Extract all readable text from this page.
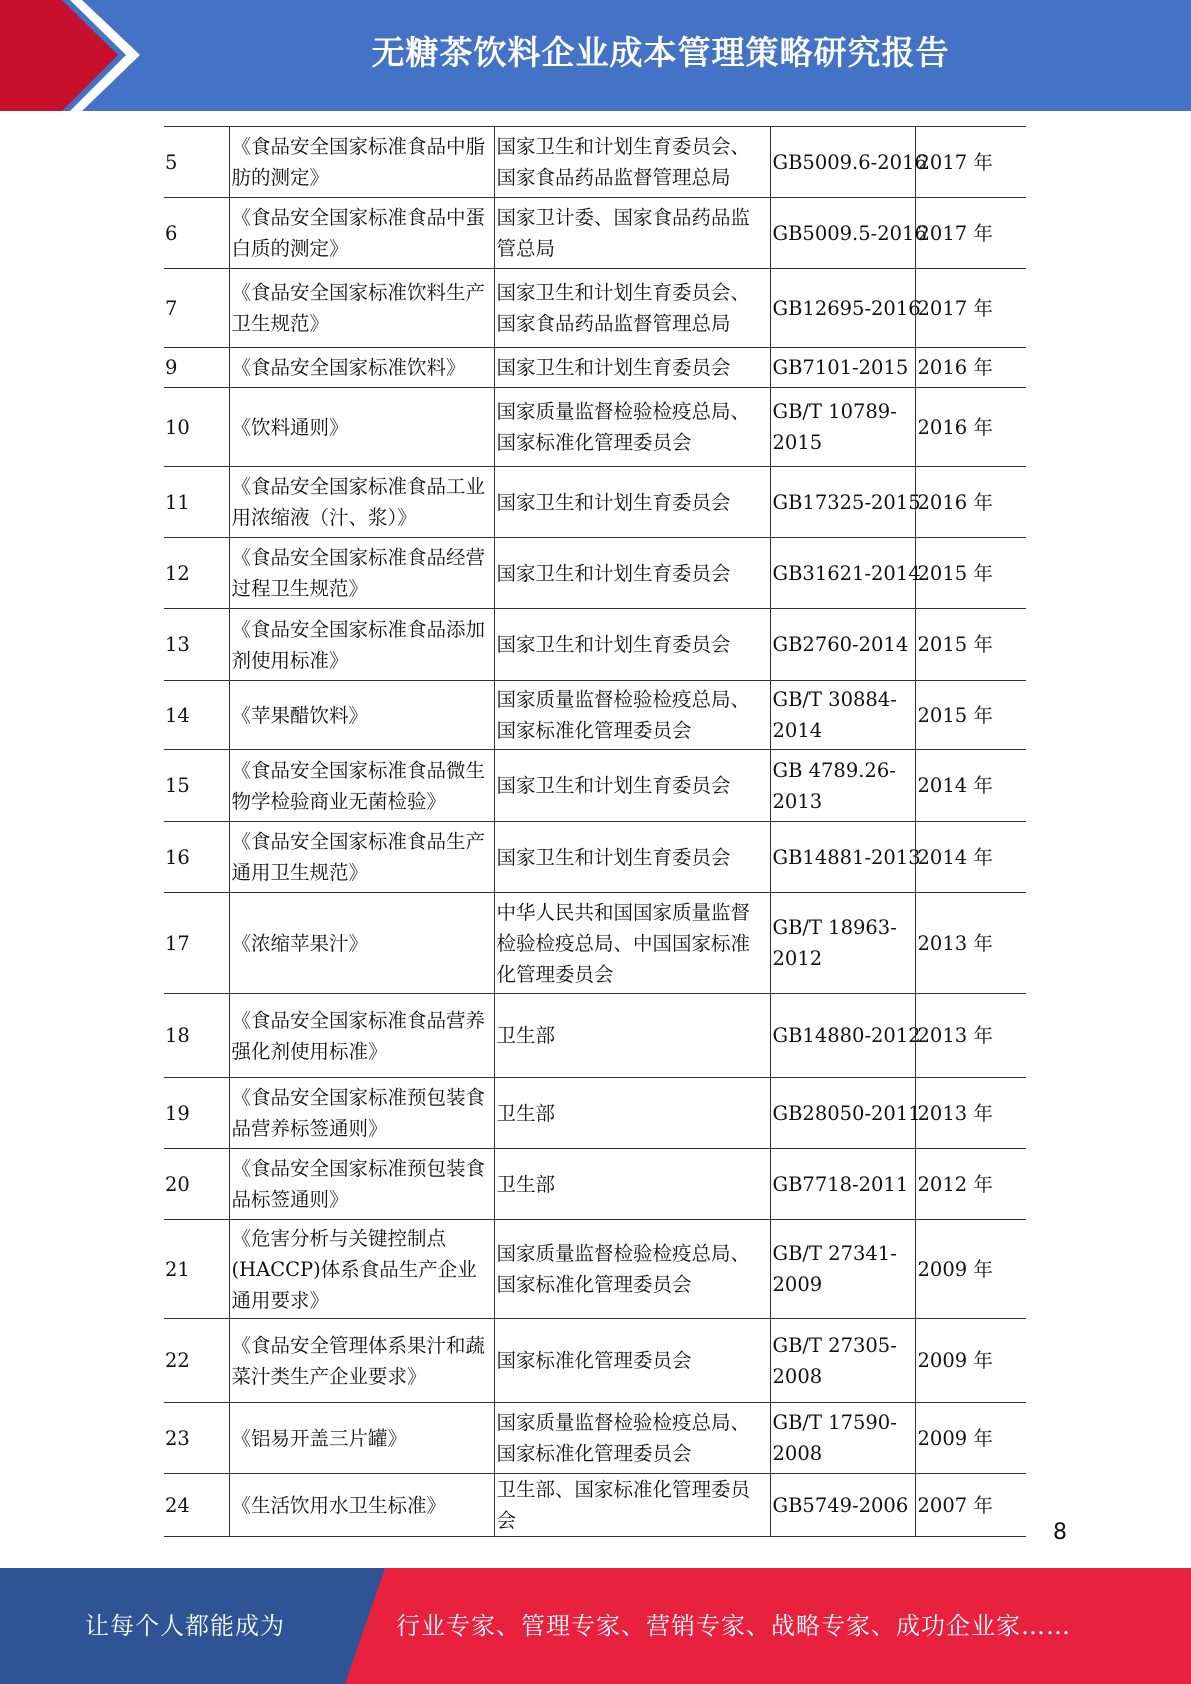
无糖茶饮料企业成本管理策略研究报告
5	《食品安全国家标准食品中脂肪的测定》	国家卫生和计划生育委员会、国家食品药品监督管理总局	GB5009.6-2016	2017 年
6	《食品安全国家标准食品中蛋白质的测定》	国家卫计委、国家食品药品监管总局	GB5009.5-2016	2017 年
7	《食品安全国家标准饮料生产卫生规范》	国家卫生和计划生育委员会、国家食品药品监督管理总局	GB12695-2016	2017 年
9	《食品安全国家标准饮料》	国家卫生和计划生育委员会	GB7101-2015	2016 年
10	《饮料通则》	国家质量监督检验检疫总局、国家标准化管理委员会	GB/T 10789-2015	2016 年
11	《食品安全国家标准食品工业用浓缩液（汁、浆）》	国家卫生和计划生育委员会	GB17325-2015	2016 年
12	《食品安全国家标准食品经营过程卫生规范》	国家卫生和计划生育委员会	GB31621-2014	2015 年
13	《食品安全国家标准食品添加剂使用标准》	国家卫生和计划生育委员会	GB2760-2014	2015 年
14	《苹果醋饮料》	国家质量监督检验检疫总局、国家标准化管理委员会	GB/T 30884-2014	2015 年
15	《食品安全国家标准食品微生物学检验商业无菌检验》	国家卫生和计划生育委员会	GB 4789.26-2013	2014 年
16	《食品安全国家标准食品生产通用卫生规范》	国家卫生和计划生育委员会	GB14881-2013	2014 年
17	《浓缩苹果汁》	中华人民共和国国家质量监督检验检疫总局、中国国家标准化管理委员会	GB/T 18963-2012	2013 年
18	《食品安全国家标准食品营养强化剂使用标准》	卫生部	GB14880-2012	2013 年
19	《食品安全国家标准预包装食品营养标签通则》	卫生部	GB28050-2011	2013 年
20	《食品安全国家标准预包装食品标签通则》	卫生部	GB7718-2011	2012 年
21	《危害分析与关键控制点(HACCP)体系食品生产企业通用要求》	国家质量监督检验检疫总局、国家标准化管理委员会	GB/T 27341-2009	2009 年
22	《食品安全管理体系果汁和蔬菜汁类生产企业要求》	国家标准化管理委员会	GB/T 27305-2008	2009 年
23	《铝易开盖三片罐》	国家质量监督检验检疫总局、国家标准化管理委员会	GB/T 17590-2008	2009 年
24	《生活饮用水卫生标准》	卫生部、国家标准化管理委员会	GB5749-2006	2007 年
8
让每个人都能成为	行业专家、管理专家、营销专家、战略专家、成功企业家……
